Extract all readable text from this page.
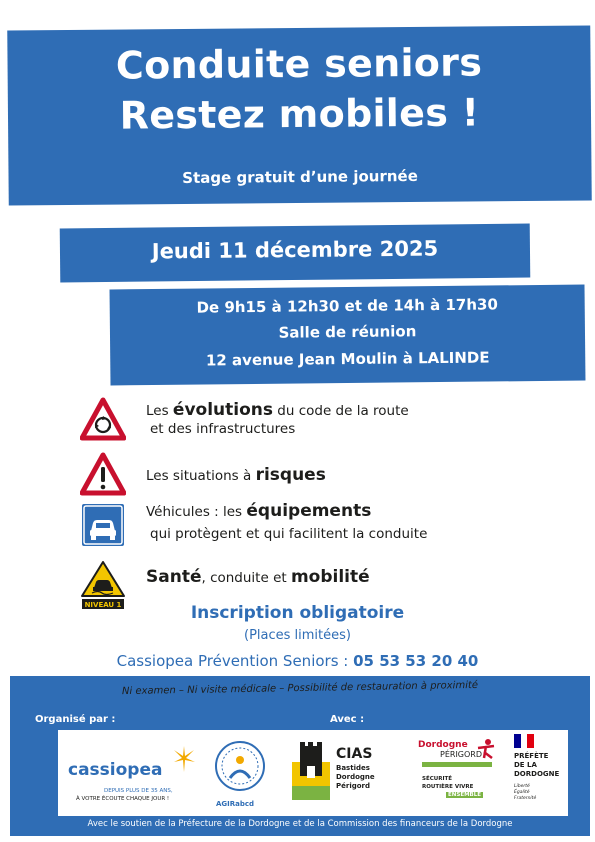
Conduite seniors
Restez mobiles !
Stage gratuit d’une journée
Jeudi 11 décembre 2025
De 9h15 à 12h30 et de 14h à 17h30
Salle de réunion
12 avenue Jean Moulin à LALINDE
Les évolutions du code de la route
et des infrastructures
Les situations à risques
Véhicules : les équipements
qui protègent et qui facilitent la conduite
NIVEAU 1
Santé, conduite et mobilité
Inscription obligatoire
(Places limitées)
Cassiopea Prévention Seniors : 05 53 53 20 40
Ni examen – Ni visite médicale – Possibilité de restauration à proximité
Organisé par :	Avec :
cassiopea
DEPUIS PLUS DE 35 ANS,
À VOTRE ÉCOUTE CHAQUE JOUR !
AGIRabcd
CIAS
Bastides
Dordogne
Périgord
Dordogne
PÉRIGORD
SÉCURITÉ
ROUTIÈRE VIVRE
ENSEMBLE
PRÉFÈTE
DE LA
DORDOGNE
Liberté
Égalité
Fraternité
Avec le soutien de la Préfecture de la Dordogne et de la Commission des financeurs de la Dordogne
